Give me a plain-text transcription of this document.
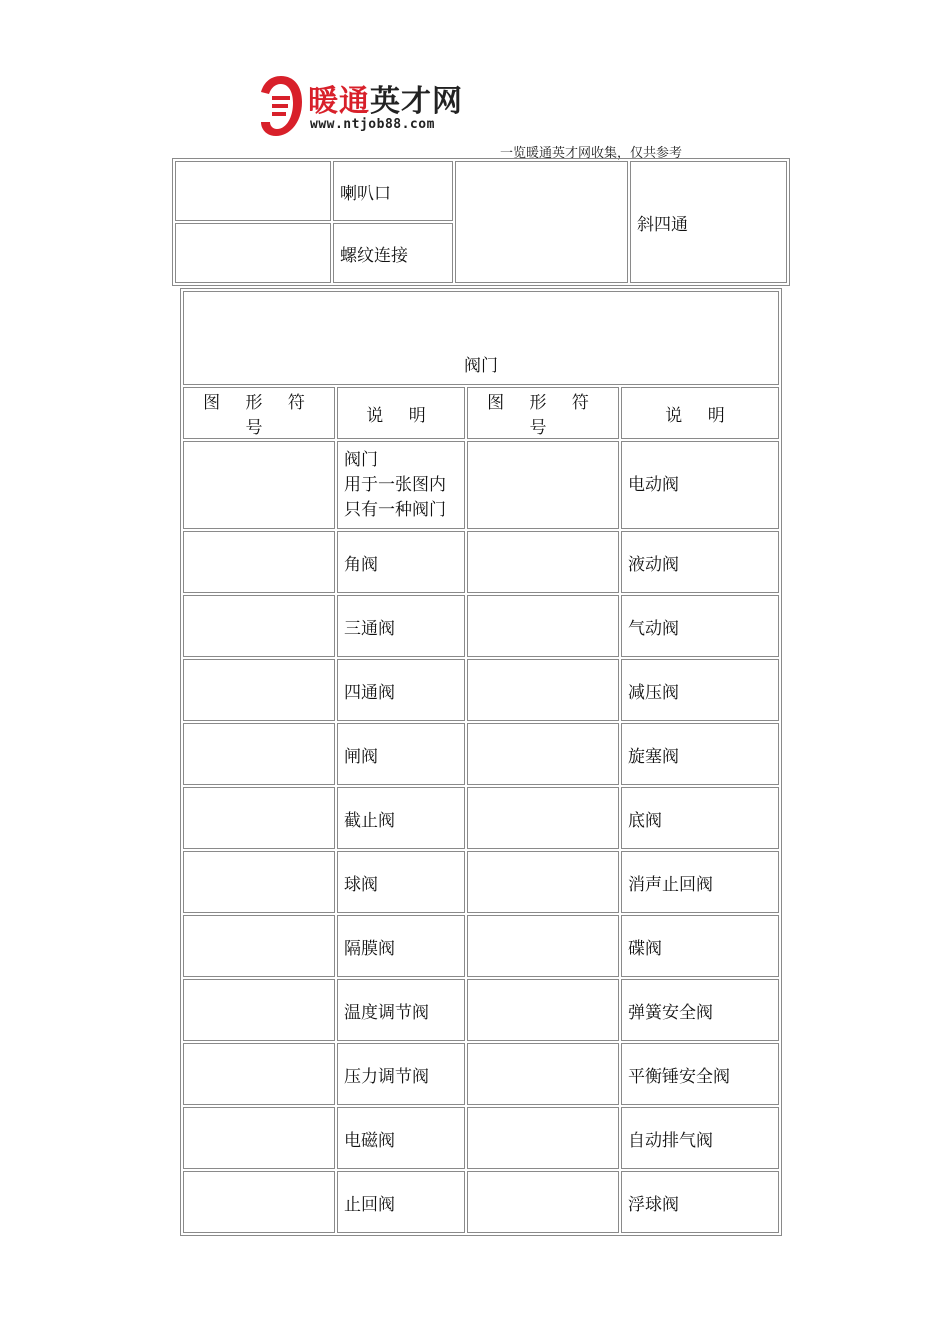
暖通英才网
www.ntjob88.com
一览暖通英才网收集，仅共参考
	喇叭口		斜四通
	螺纹连接		
阀门			
图 形 符 号	说 明	图 形 符 号	说 明

	阀门
用于一张图内
只有一种阀门		电动阀
	角阀		液动阀
	三通阀		气动阀
	四通阀		减压阀
	闸阀		旋塞阀
	截止阀		底阀
	球阀		消声止回阀
	隔膜阀		碟阀
	温度调节阀		弹簧安全阀
	压力调节阀		平衡锤安全阀
	电磁阀		自动排气阀
	止回阀		浮球阀
